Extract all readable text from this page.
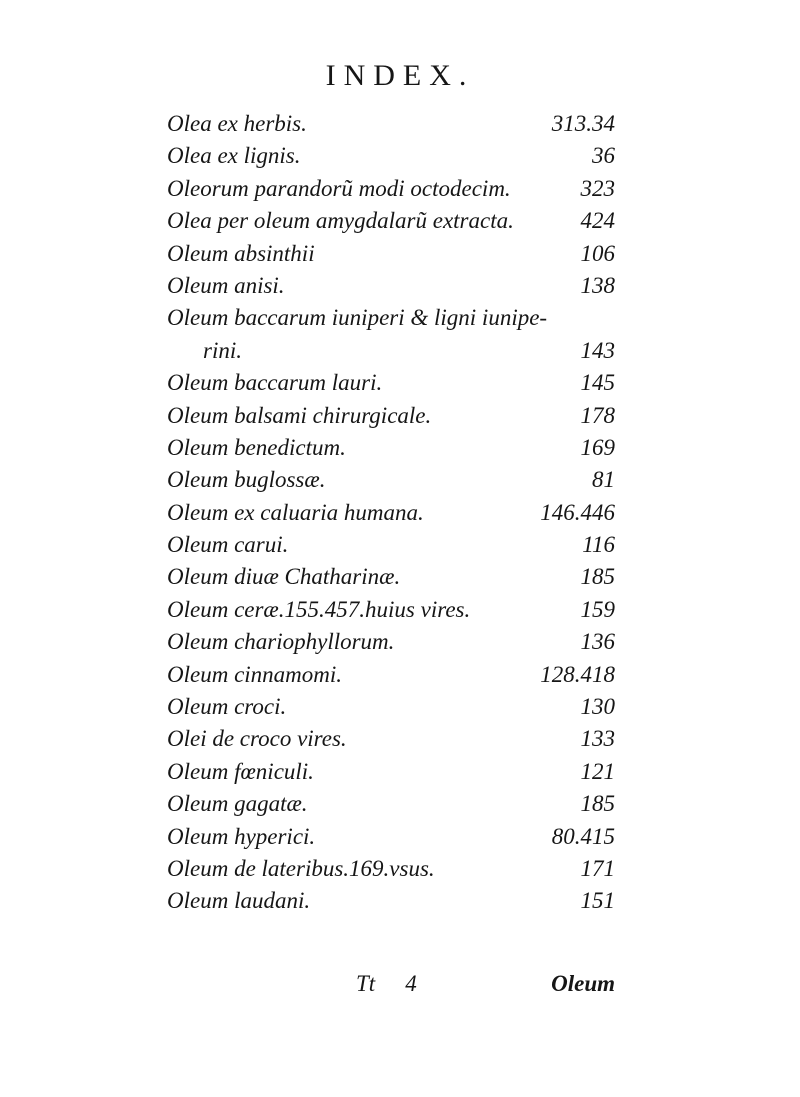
INDEX.
Olea ex herbis.	313.34
Olea ex lignis.	36
Oleorum parandorũ modi octodecim.	323
Olea per oleum amygdalarũ extracta.	424
Oleum absinthii	106
Oleum anisi.	138
Oleum baccarum iuniperi & ligni iunipe-
rini.	143
Oleum baccarum lauri.	145
Oleum balsami chirurgicale.	178
Oleum benedictum.	169
Oleum buglossæ.	81
Oleum ex caluaria humana.	146.446
Oleum carui.	116
Oleum diuæ Chatharinæ.	185
Oleum ceræ.155.457.huius vires.	159
Oleum chariophyllorum.	136
Oleum cinnamomi.	128.418
Oleum croci.	130
Olei de croco vires.	133
Oleum fœniculi.	121
Oleum gagatæ.	185
Oleum hyperici.	80.415
Oleum de lateribus.169.vsus.	171
Oleum laudani.	151
Tt 4	Oleum
